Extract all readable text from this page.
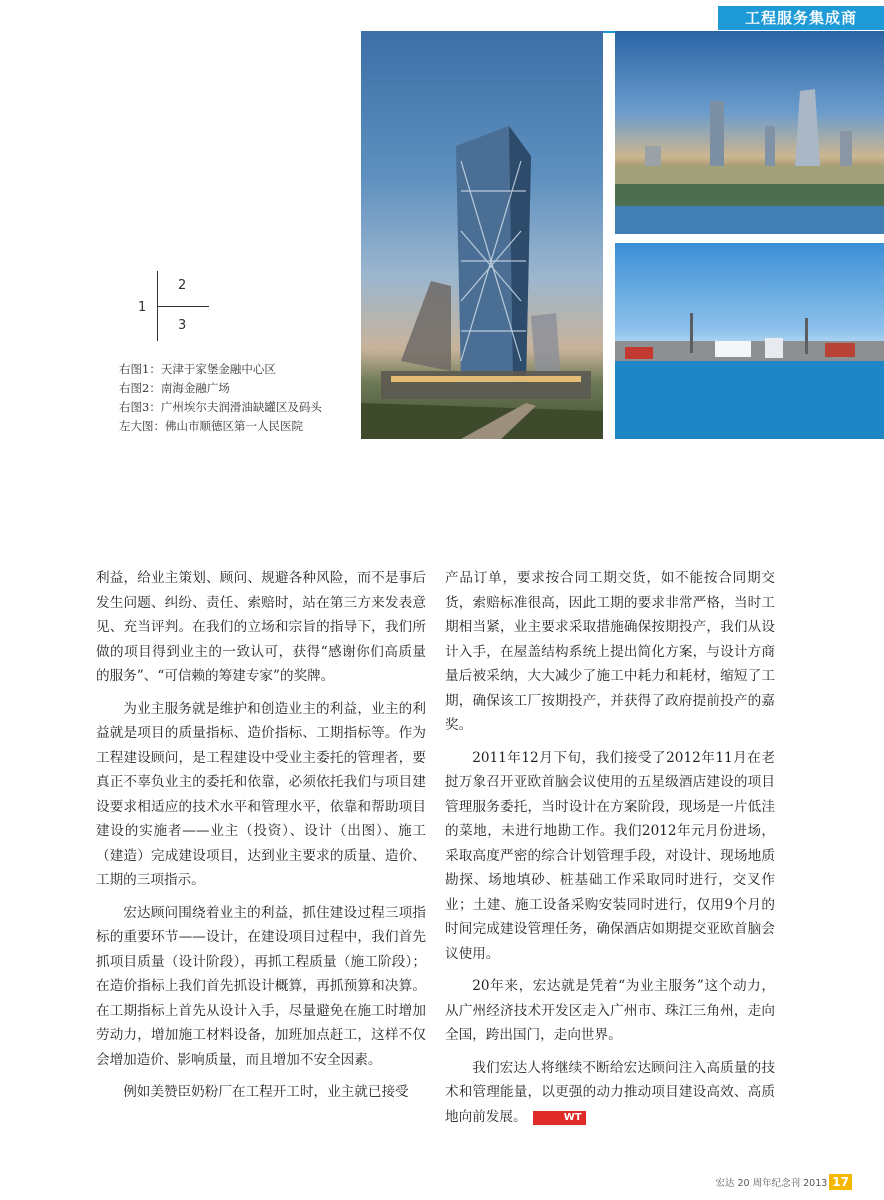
工程服务集成商
1
2
3
右图1：天津于家堡金融中心区
右图2：南海金融广场
右图3：广州埃尔夫润滑油缺罐区及码头
左大图：佛山市顺德区第一人民医院

利益，给业主策划、顾问、规避各种风险，而不是事后发生问题、纠纷、责任、索赔时，站在第三方来发表意见、充当评判。在我们的立场和宗旨的指导下，我们所做的项目得到业主的一致认可，获得“感谢你们高质量的服务”、“可信赖的筹建专家”的奖牌。

为业主服务就是维护和创造业主的利益，业主的利益就是项目的质量指标、造价指标、工期指标等。作为工程建设顾问，是工程建设中受业主委托的管理者，要真正不辜负业主的委托和依靠，必须依托我们与项目建设要求相适应的技术水平和管理水平，依靠和帮助项目建设的实施者——业主（投资）、设计（出图）、施工（建造）完成建设项目，达到业主要求的质量、造价、工期的三项指示。

宏达顾问围绕着业主的利益，抓住建设过程三项指标的重要环节——设计，在建设项目过程中，我们首先抓项目质量（设计阶段），再抓工程质量（施工阶段）；在造价指标上我们首先抓设计概算，再抓预算和决算。在工期指标上首先从设计入手，尽量避免在施工时增加劳动力，增加施工材料设备，加班加点赶工，这样不仅会增加造价、影响质量，而且增加不安全因素。

例如美赞臣奶粉厂在工程开工时，业主就已接受

产品订单，要求按合同工期交货，如不能按合同期交货，索赔标准很高，因此工期的要求非常严格，当时工期相当紧，业主要求采取措施确保按期投产，我们从设计入手，在屋盖结构系统上提出简化方案，与设计方商量后被采纳，大大减少了施工中耗力和耗材，缩短了工期，确保该工厂按期投产，并获得了政府提前投产的嘉奖。

2011年12月下旬，我们接受了2012年11月在老挝万象召开亚欧首脑会议使用的五星级酒店建设的项目管理服务委托，当时设计在方案阶段，现场是一片低洼的菜地，未进行地勘工作。我们2012年元月份进场，采取高度严密的综合计划管理手段，对设计、现场地质勘探、场地填砂、桩基础工作采取同时进行，交叉作业；土建、施工设备采购安装同时进行，仅用9个月的时间完成建设管理任务，确保酒店如期提交亚欧首脑会议使用。

20年来，宏达就是凭着“为业主服务”这个动力，从广州经济技术开发区走入广州市、珠江三角州，走向全国，跨出国门，走向世界。

我们宏达人将继续不断给宏达顾问注入高质量的技术和管理能量，以更强的动力推动项目建设高效、高质地向前发展。	WT

宏达 20 周年纪念刊 2013 17
